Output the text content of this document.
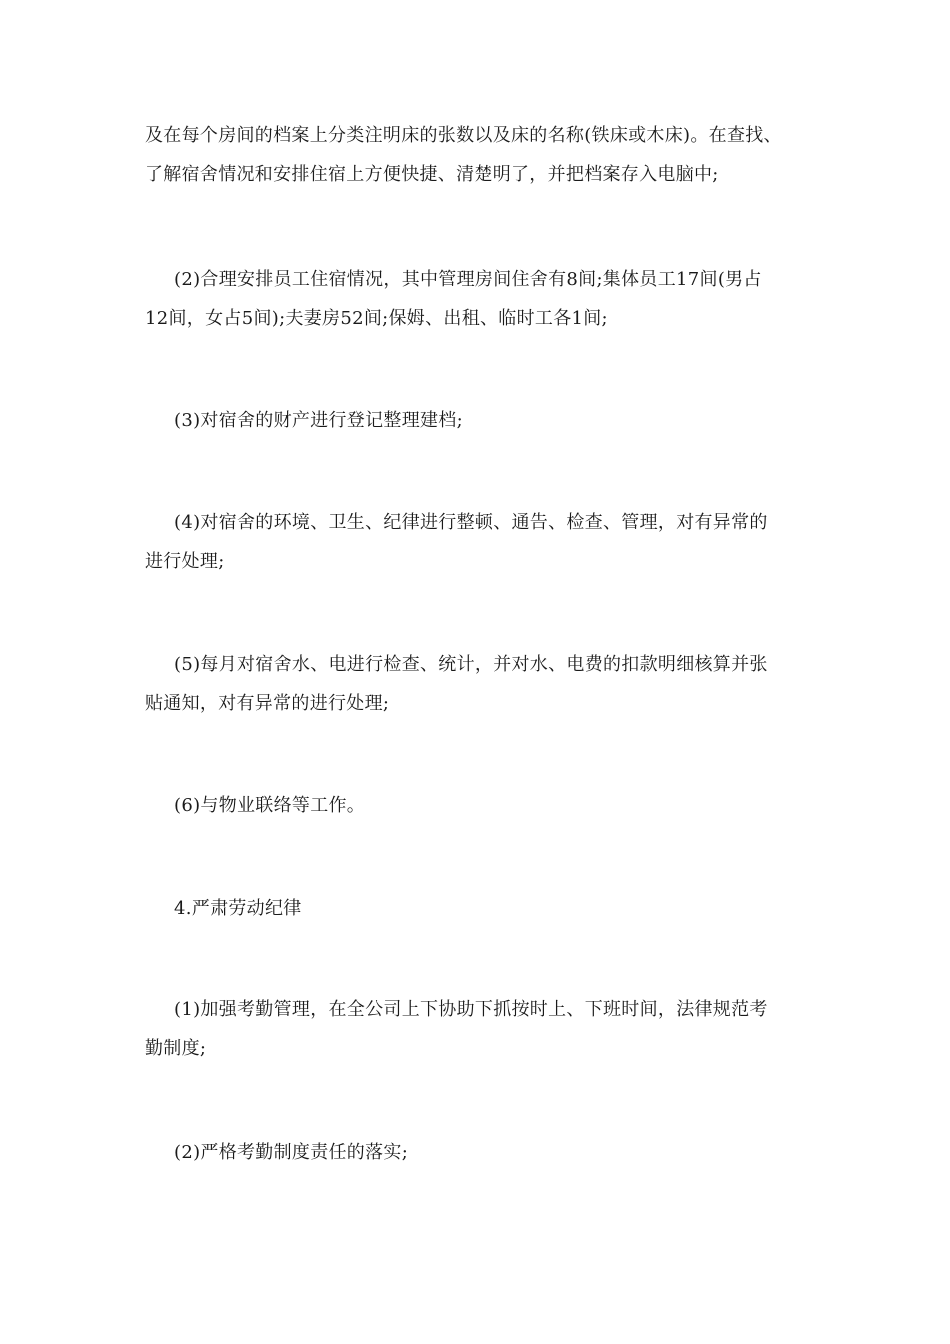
及在每个房间的档案上分类注明床的张数以及床的名称(铁床或木床)。在查找、
了解宿舍情况和安排住宿上方便快捷、清楚明了，并把档案存入电脑中;

(2)合理安排员工住宿情况，其中管理房间住舍有8间;集体员工17间(男占
12间，女占5间);夫妻房52间;保姆、出租、临时工各1间;

(3)对宿舍的财产进行登记整理建档;

(4)对宿舍的环境、卫生、纪律进行整顿、通告、检查、管理，对有异常的
进行处理;

(5)每月对宿舍水、电进行检查、统计，并对水、电费的扣款明细核算并张
贴通知，对有异常的进行处理;

(6)与物业联络等工作。

4.严肃劳动纪律

(1)加强考勤管理，在全公司上下协助下抓按时上、下班时间，法律规范考
勤制度;

(2)严格考勤制度责任的落实;
